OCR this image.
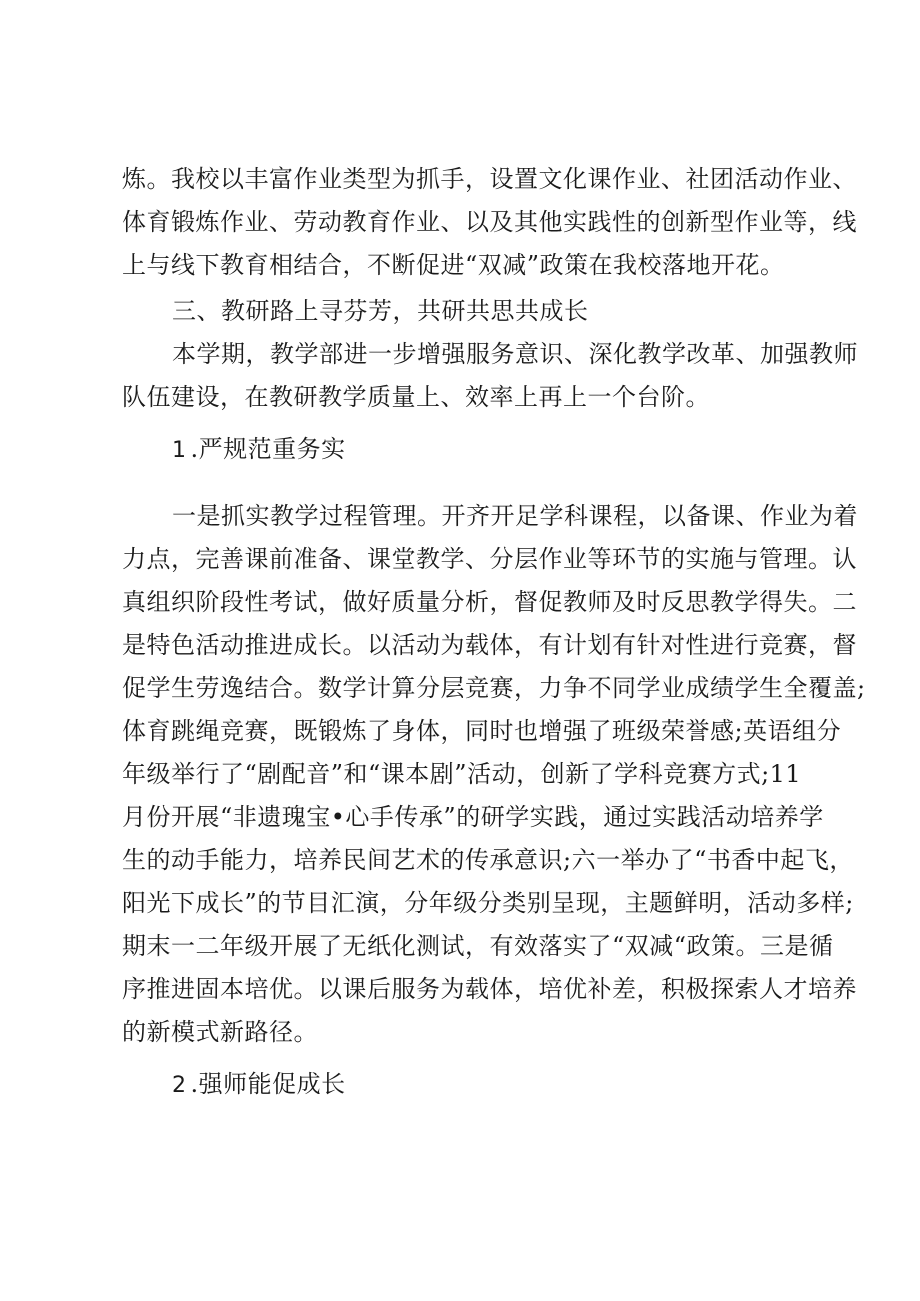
炼。我校以丰富作业类型为抓手，设置文化课作业、社团活动作业、
体育锻炼作业、劳动教育作业、以及其他实践性的创新型作业等，线
上与线下教育相结合，不断促进“双减”政策在我校落地开花。
三、教研路上寻芬芳，共研共思共成长
本学期，教学部进一步增强服务意识、深化教学改革、加强教师
队伍建设，在教研教学质量上、效率上再上一个台阶。
1 .严规范重务实
一是抓实教学过程管理。开齐开足学科课程，以备课、作业为着
力点，完善课前准备、课堂教学、分层作业等环节的实施与管理。认
真组织阶段性考试，做好质量分析，督促教师及时反思教学得失。二
是特色活动推进成长。以活动为载体，有计划有针对性进行竞赛，督
促学生劳逸结合。数学计算分层竞赛，力争不同学业成绩学生全覆盖;
体育跳绳竞赛，既锻炼了身体，同时也增强了班级荣誉感;英语组分
年级举行了“剧配音”和“课本剧”活动，创新了学科竞赛方式;11
月份开展“非遗瑰宝•心手传承”的研学实践，通过实践活动培养学
生的动手能力，培养民间艺术的传承意识;六一举办了“书香中起飞，
阳光下成长”的节目汇演，分年级分类别呈现，主题鲜明，活动多样;
期末一二年级开展了无纸化测试，有效落实了“双减“政策。三是循
序推进固本培优。以课后服务为载体，培优补差，积极探索人才培养
的新模式新路径。
2 .强师能促成长
